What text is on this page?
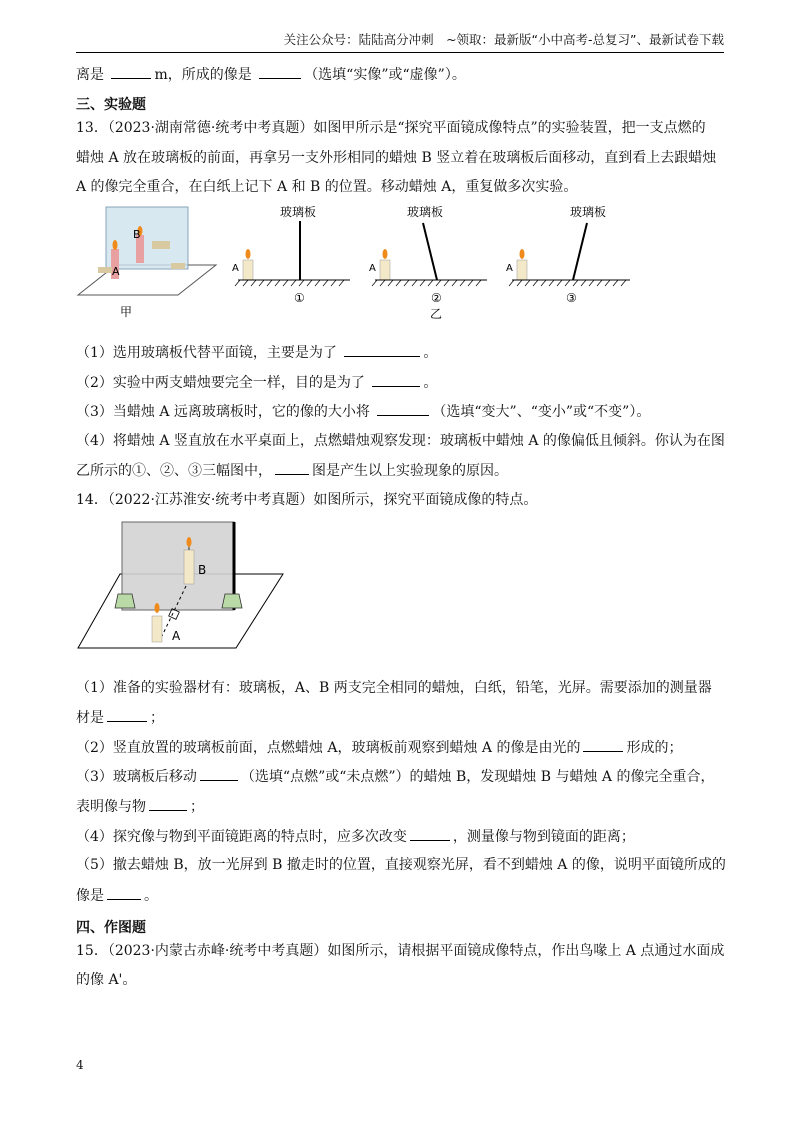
关注公众号：陆陆高分冲刺　~领取：最新版“小中高考-总复习”、最新试卷下载
离是	m，所成的像是	（选填“实像”或“虚像”）。
三、实验题
13．（2023·湖南常德·统考中考真题）如图甲所示是“探究平面镜成像特点”的实验装置，把一支点燃的
蜡烛 A 放在玻璃板的前面，再拿另一支外形相同的蜡烛 B 竖立着在玻璃板后面移动，直到看上去跟蜡烛
A 的像完全重合，在白纸上记下 A 和 B 的位置。移动蜡烛 A，重复做多次实验。
B
A
甲
玻璃板
A
①
玻璃板
A
②
乙
玻璃板
A
③
（1）选用玻璃板代替平面镜，主要是为了	。
（2）实验中两支蜡烛要完全一样，目的是为了	。
（3）当蜡烛 A 远离玻璃板时，它的像的大小将	（选填“变大”、“变小”或“不变”）。
（4）将蜡烛 A 竖直放在水平桌面上，点燃蜡烛观察发现：玻璃板中蜡烛 A 的像偏低且倾斜。你认为在图
乙所示的①、②、③三幅图中，	图是产生以上实验现象的原因。
14．（2022·江苏淮安·统考中考真题）如图所示，探究平面镜成像的特点。
B
A
（1）准备的实验器材有：玻璃板，A、B 两支完全相同的蜡烛，白纸，铅笔，光屏。需要添加的测量器
材是	；
（2）竖直放置的玻璃板前面，点燃蜡烛 A，玻璃板前观察到蜡烛 A 的像是由光的	形成的；
（3）玻璃板后移动	（选填“点燃”或“未点燃”）的蜡烛 B，发现蜡烛 B 与蜡烛 A 的像完全重合，
表明像与物	；
（4）探究像与物到平面镜距离的特点时，应多次改变	，测量像与物到镜面的距离；
（5）撤去蜡烛 B，放一光屏到 B 撤走时的位置，直接观察光屏，看不到蜡烛 A 的像，说明平面镜所成的
像是	。
四、作图题
15．（2023·内蒙古赤峰·统考中考真题）如图所示，请根据平面镜成像特点，作出鸟喙上 A 点通过水面成
的像 A'。
4
